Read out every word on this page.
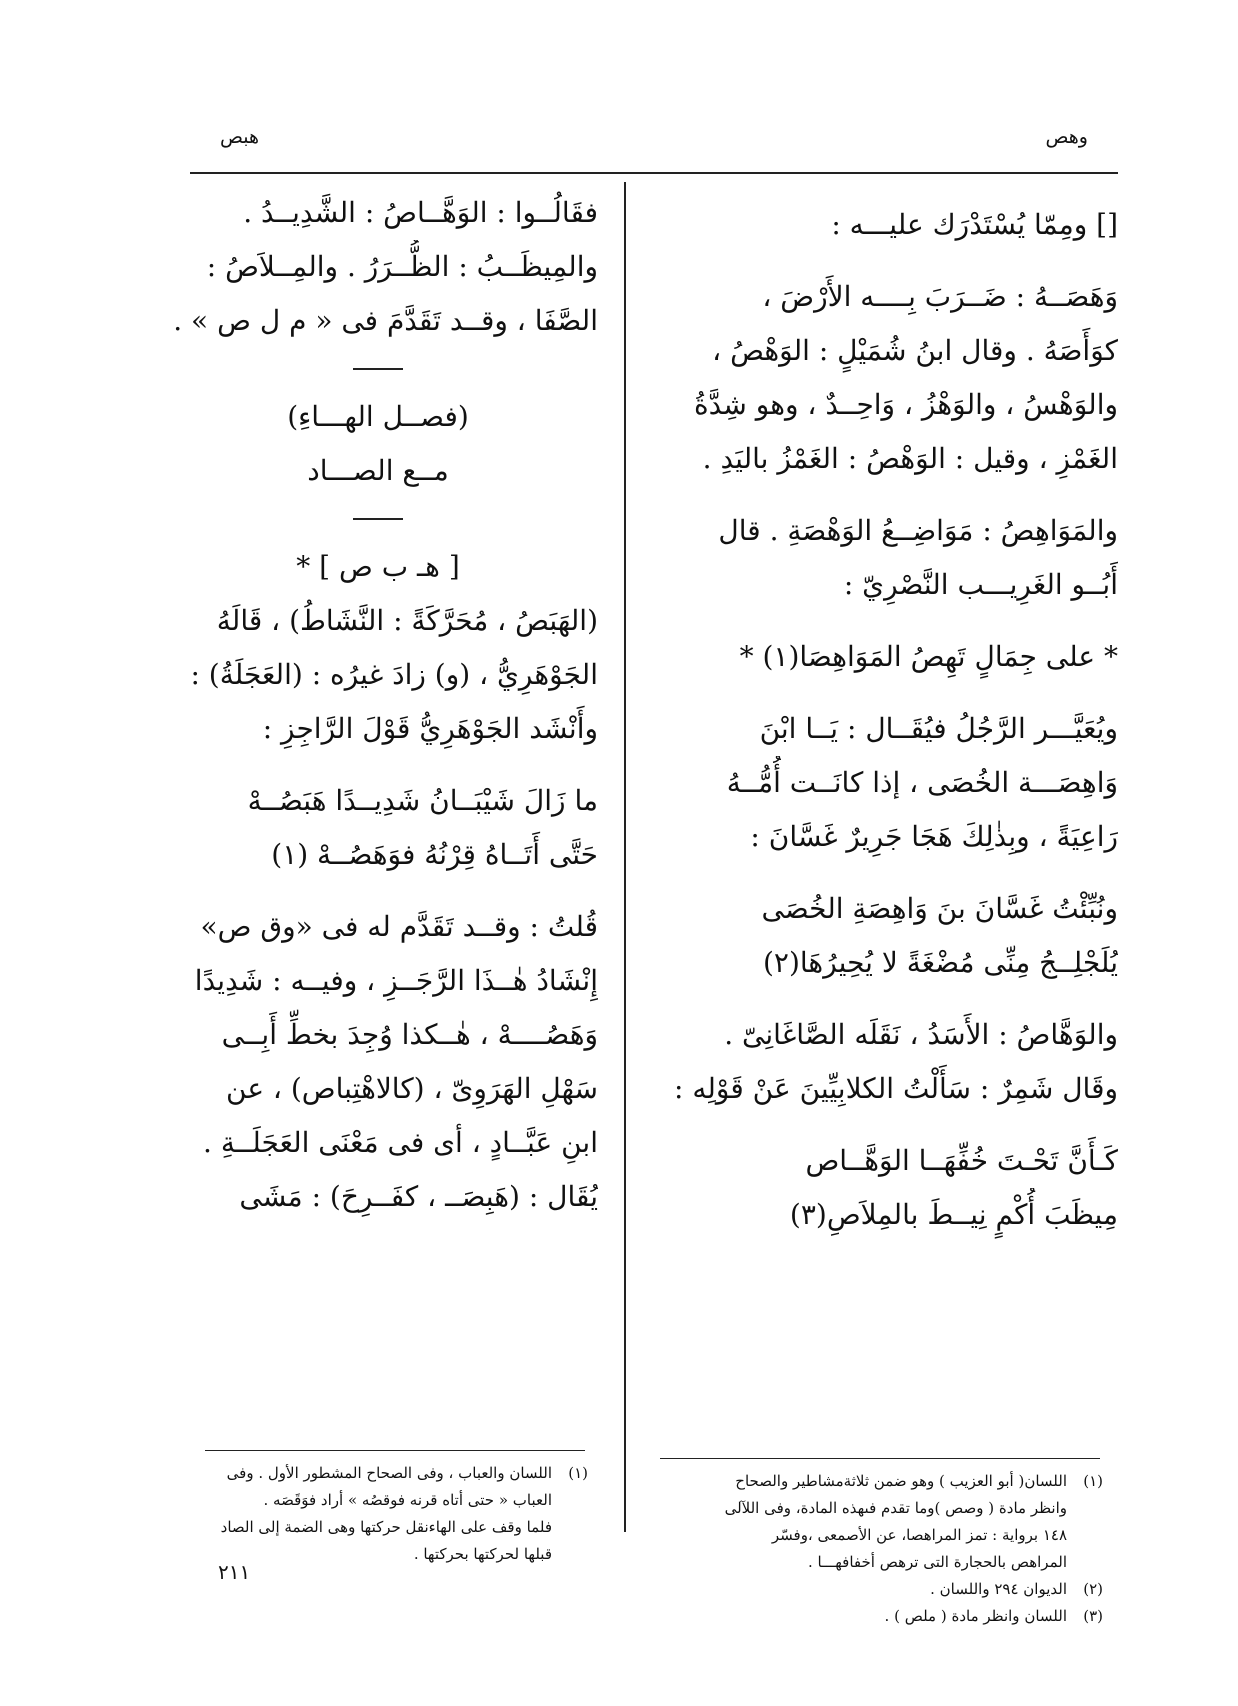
وهص
هبص
[] ومِمّا يُسْتَدْرَك عليـــه :
وَهَصَــهُ : ضَــرَبَ بِــــه الأَرْضَ ،
كوَأَصَهُ . وقال ابنُ شُمَيْلٍ : الوَهْصُ ،
والوَهْسُ ، والوَهْزُ ، وَاحِــدٌ ، وهو شِدَّةُ
الغَمْزِ ، وقيل : الوَهْصُ : الغَمْزُ باليَدِ .
والمَوَاهِصُ : مَوَاضِــعُ الوَهْصَةِ . قال
أَبُــو الغَرِيـــب النَّصْرِيّ :
* على جِمَالٍ تَهِصُ المَوَاهِصَا(١) *
ويُعَيَّـــر الرَّجُلُ فيُقَــال : يَــا ابْنَ
وَاهِصَـــة الخُصَى ، إذا كانَــت أُمُّــهُ
رَاعِيَةً ، وبِذٰلِكَ هَجَا جَرِيرٌ غَسَّانَ :
ونُبِّئْتُ غَسَّانَ بنَ وَاهِصَةِ الخُصَى
يُلَجْلِــجُ مِنِّى مُضْغَةً لا يُحِيرُهَا(٢)
والوَهَّاصُ : الأَسَدُ ، نَقَلَه الصَّاغَانِىّ .
وقَال شَمِرٌ : سَأَلْتُ الكلابِيِّينَ عَنْ قَوْلِه :
كَـأَنَّ تَحْـتَ خُفِّهَــا الوَهَّــاص
مِيظَبَ أُكْمٍ نِيــطَ بالمِلاَصِ(٣)
فقَالُــوا : الوَهَّــاصُ : الشَّدِيــدُ .
والمِيظَــبُ : الظُّــرَرُ . والمِــلاَصُ :
الصَّفَا ، وقــد تَقَدَّمَ فى « م ل ص » .
(فصــل الهـــاءِ)
مــع الصـــاد
[ هـ ب ص ] *
(الهَبَصُ ، مُحَرَّكَةً : النَّشَاطُ) ، قَالَهُ
الجَوْهَرِيُّ ، (و) زادَ غيرُه : (العَجَلَةُ) :
وأَنْشَد الجَوْهَرِيُّ قَوْلَ الرَّاجِزِ :
ما زَالَ شَيْبَــانُ شَدِيــدًا هَبَصُــهْ
حَتَّى أَتَــاهُ قِرْنُهُ فوَهَصُــهْ (١)
قُلتُ : وقــد تَقَدَّم له فى «وق ص»
إِنْشَادُ هٰــذَا الرَّجَــزِ ، وفيــه : شَدِيدًا
وَهَصُــــهْ ، هٰــكذا وُجِدَ بخطِّ أَبِــى
سَهْلِ الهَرَوِىّ ، (كالاهْتِباص) ، عن
ابنِ عَبَّــادٍ ، أى فى مَعْنَى العَجَلَــةِ .
يُقَال : (هَبِصَــ ، كفَــرِحَ) : مَشَى
(١)اللسان( أبو العزيب ) وهو ضمن ثلاثةمشاطير والصحاح
وانظر مادة ( وصص )وما تقدم فىهذه المادة، وفى اللآلى
١٤٨ برواية : تمز المراهصا، عن الأصمعى ،وفسّر
المراهص بالحجارة التى ترهص أخفافهـــا .
(٢)الديوان ٢٩٤ واللسان .
(٣)اللسان وانظر مادة ( ملص ) .
(١)اللسان والعباب ، وفى الصحاح المشطور الأول . وفى
العباب « حتى أتاه قرنه فوقصُه » أراد فوَقَصَه .
فلما وقف على الهاءنقل حركتها وهى الضمة إلى الصاد
قبلها لحركتها بحركتها .
٢١١
